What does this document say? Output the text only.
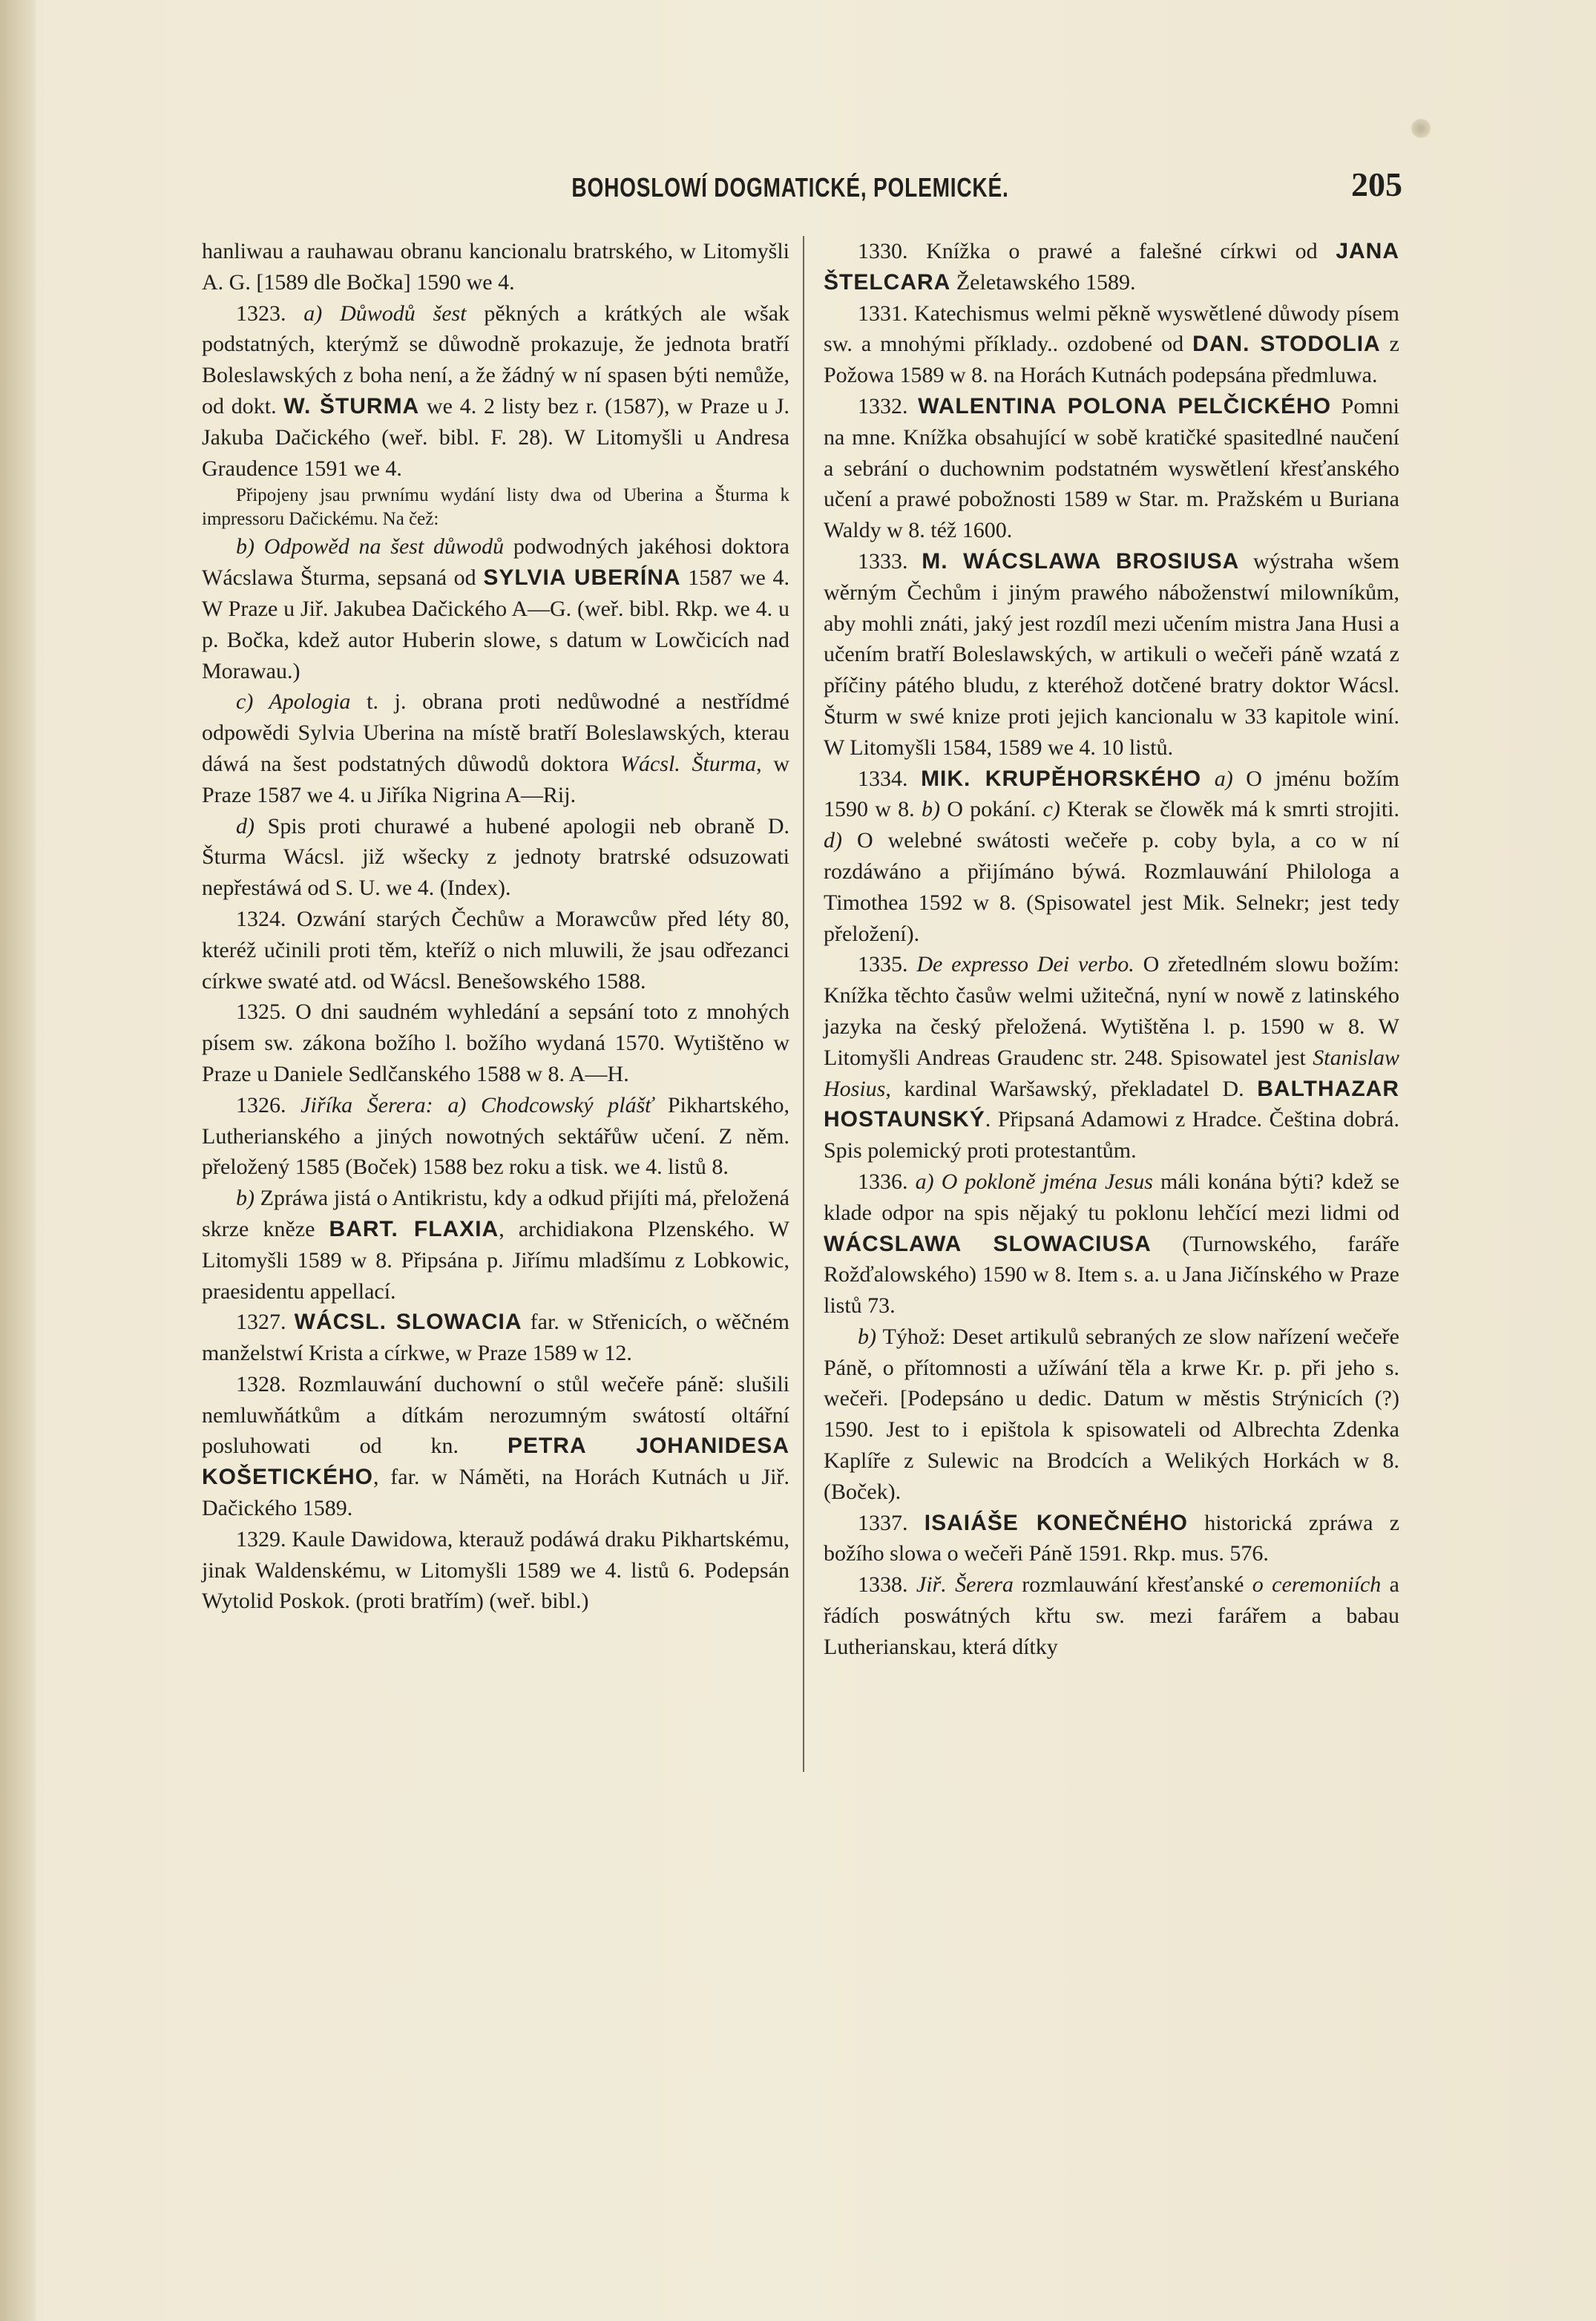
BOHOSLOWÍ DOGMATICKÉ, POLEMICKÉ.	205

hanliwau a rauhawau obranu kancionalu bratrského, w Litomyšli A. G. [1589 dle Bočka] 1590 we 4.

1323. a) Důwodů šest pěkných a krátkých ale wšak podstatných, kterýmž se důwodně prokazuje, že jednota bratří Boleslawských z boha není, a že žádný w ní spasen býti nemůže, od dokt. W. ŠTURMA we 4. 2 listy bez r. (1587), w Praze u J. Jakuba Dačického (weř. bibl. F. 28). W Litomyšli u Andresa Graudence 1591 we 4.

Připojeny jsau prwnímu wydání listy dwa od Uberina a Šturma k impressoru Dačickému. Na čež:

b) Odpowěd na šest důwodů podwodných jakéhosi doktora Wácslawa Šturma, sepsaná od SYLVIA UBERÍNA 1587 we 4. W Praze u Jiř. Jakubea Dačického A—G. (weř. bibl. Rkp. we 4. u p. Bočka, kdež autor Huberin slowe, s datum w Lowčicích nad Morawau.)

c) Apologia t. j. obrana proti nedůwodné a nestřídmé odpowědi Sylvia Uberina na místě bratří Boleslawských, kterau dáwá na šest podstatných důwodů doktora Wácsl. Šturma, w Praze 1587 we 4. u Jiříka Nigrina A—Rij.

d) Spis proti churawé a hubené apologii neb obraně D. Šturma Wácsl. již wšecky z jednoty bratrské odsuzowati nepřestáwá od S. U. we 4. (Index).

1324. Ozwání starých Čechůw a Morawcůw před léty 80, kteréž učinili proti těm, kteříž o nich mluwili, že jsau odřezanci církwe swaté atd. od Wácsl. Benešowského 1588.

1325. O dni saudném wyhledání a sepsání toto z mnohých písem sw. zákona božího l. božího wydaná 1570. Wytištěno w Praze u Daniele Sedlčanského 1588 w 8. A—H.

1326. Jiříka Šerera: a) Chodcowský plášť Pikhartského, Lutherianského a jiných nowotných sektářůw učení. Z něm. přeložený 1585 (Boček) 1588 bez roku a tisk. we 4. listů 8.

b) Zpráwa jistá o Antikristu, kdy a odkud přijíti má, přeložená skrze kněze BART. FLAXIA, archidiakona Plzenského. W Litomyšli 1589 w 8. Připsána p. Jiřímu mladšímu z Lobkowic, praesidentu appellací.

1327. WÁCSL. SLOWACIA far. w Střenicích, o wěčném manželstwí Krista a církwe, w Praze 1589 w 12.

1328. Rozmlauwání duchowní o stůl wečeře páně: slušili nemluwňátkům a dítkám nerozumným swátostí oltářní posluhowati od kn. PETRA JOHANIDESA KOŠETICKÉHO, far. w Náměti, na Horách Kutnách u Jiř. Dačického 1589.

1329. Kaule Dawidowa, kterauž podáwá draku Pikhartskému, jinak Waldenskému, w Litomyšli 1589 we 4. listů 6. Podepsán Wytolid Poskok. (proti bratřím) (weř. bibl.)

1330. Knížka o prawé a falešné církwi od JANA ŠTELCARA Želetawského 1589.

1331. Katechismus welmi pěkně wyswětlené důwody písem sw. a mnohými příklady.. ozdobené od DAN. STODOLIA z Požowa 1589 w 8. na Horách Kutnách podepsána předmluwa.

1332. WALENTINA POLONA PELČICKÉHO Pomni na mne. Knížka obsahující w sobě kratičké spasitedlné naučení a sebrání o duchownim podstatném wyswětlení křesťanského učení a prawé pobožnosti 1589 w Star. m. Pražském u Buriana Waldy w 8. též 1600.

1333. M. WÁCSLAWA BROSIUSA wýstraha wšem wěrným Čechům i jiným prawého náboženstwí milowníkům, aby mohli znáti, jaký jest rozdíl mezi učením mistra Jana Husi a učením bratří Boleslawských, w artikuli o wečeři páně wzatá z příčiny pátého bludu, z kteréhož dotčené bratry doktor Wácsl. Šturm w swé knize proti jejich kancionalu w 33 kapitole winí. W Litomyšli 1584, 1589 we 4. 10 listů.

1334. MIK. KRUPĚHORSKÉHO a) O jménu božím 1590 w 8. b) O pokání. c) Kterak se člowěk má k smrti strojiti. d) O welebné swátosti wečeře p. coby byla, a co w ní rozdáwáno a přijímáno býwá. Rozmlauwání Philologa a Timothea 1592 w 8. (Spisowatel jest Mik. Selnekr; jest tedy přeložení).

1335. De expresso Dei verbo. O zřetedlném slowu božím: Knížka těchto časůw welmi užitečná, nyní w nowě z latinského jazyka na český přeložená. Wytištěna l. p. 1590 w 8. W Litomyšli Andreas Graudenc str. 248. Spisowatel jest Stanislaw Hosius, kardinal Waršawský, překladatel D. BALTHAZAR HOSTAUNSKÝ. Připsaná Adamowi z Hradce. Čeština dobrá. Spis polemický proti protestantům.

1336. a) O pokloně jména Jesus máli konána býti? kdež se klade odpor na spis nějaký tu poklonu lehčící mezi lidmi od WÁCSLAWA SLOWACIUSA (Turnowského, faráře Rožďalowského) 1590 w 8. Item s. a. u Jana Jičínského w Praze listů 73.

b) Týhož: Deset artikulů sebraných ze slow nařízení wečeře Páně, o přítomnosti a užíwání těla a krwe Kr. p. při jeho s. wečeři. [Podepsáno u dedic. Datum w městis Strýnicích (?) 1590. Jest to i epištola k spisowateli od Albrechta Zdenka Kaplíře z Sulewic na Brodcích a Welikých Horkách w 8. (Boček).

1337. ISAIÁŠE KONEČNÉHO historická zpráwa z božího slowa o wečeři Páně 1591. Rkp. mus. 576.

1338. Jiř. Šerera rozmlauwání křesťanské o ceremoniích a řádích poswátných křtu sw. mezi farářem a babau Lutherianskau, která dítky
